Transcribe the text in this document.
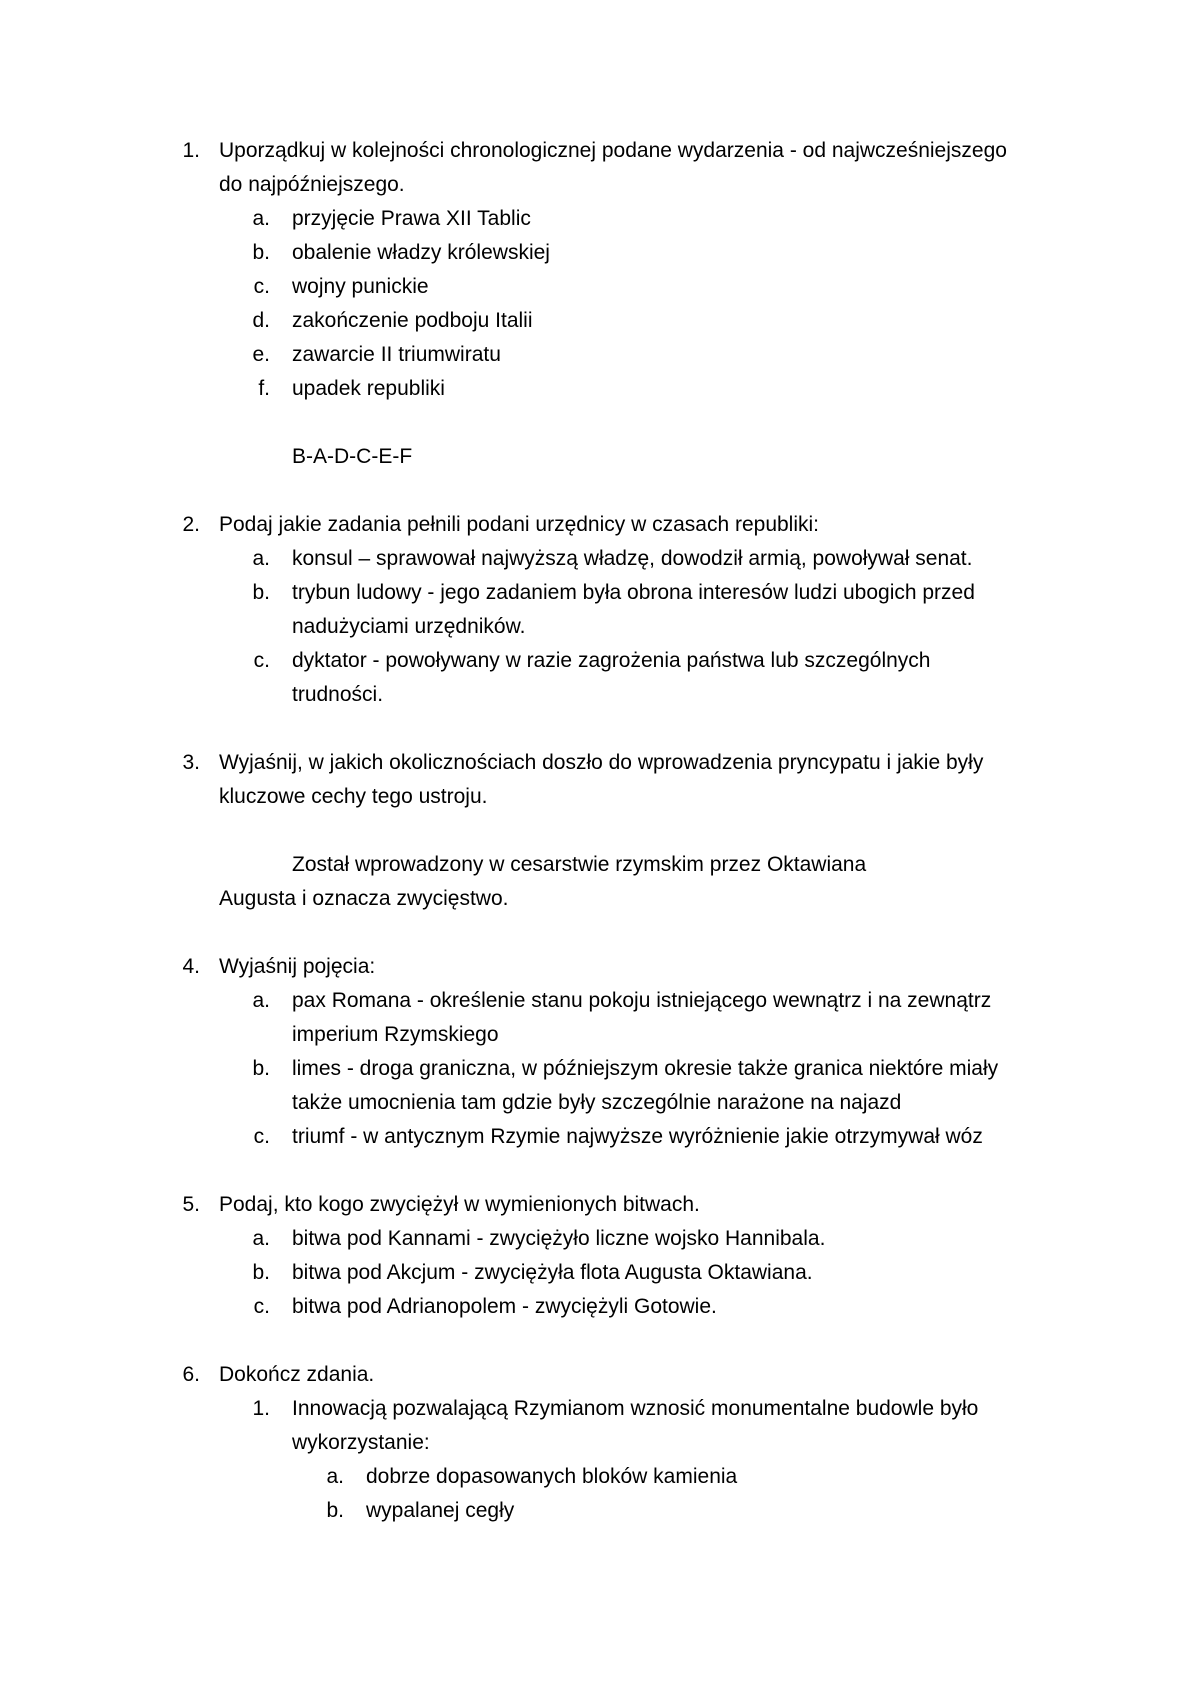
1. Uporządkuj w kolejności chronologicznej podane wydarzenia - od najwcześniejszego
do najpóźniejszego.
a. przyjęcie Prawa XII Tablic
b. obalenie władzy królewskiej
c. wojny punickie
d. zakończenie podboju Italii
e. zawarcie II triumwiratu
f. upadek republiki
B-A-D-C-E-F
2. Podaj jakie zadania pełnili podani urzędnicy w czasach republiki:
a. konsul – sprawował najwyższą władzę, dowodził armią, powoływał senat.
b. trybun ludowy - jego zadaniem była obrona interesów ludzi ubogich przed
nadużyciami urzędników.
c. dyktator - powoływany w razie zagrożenia państwa lub szczególnych
trudności.
3. Wyjaśnij, w jakich okolicznościach doszło do wprowadzenia pryncypatu i jakie były
kluczowe cechy tego ustroju.
Został wprowadzony w cesarstwie rzymskim przez Oktawiana
Augusta i oznacza zwycięstwo.
4. Wyjaśnij pojęcia:
a. pax Romana - określenie stanu pokoju istniejącego wewnątrz i na zewnątrz
imperium Rzymskiego
b. limes - droga graniczna, w późniejszym okresie także granica niektóre miały
także umocnienia tam gdzie były szczególnie narażone na najazd
c. triumf - w antycznym Rzymie najwyższe wyróżnienie jakie otrzymywał wóz
5. Podaj, kto kogo zwyciężył w wymienionych bitwach.
a. bitwa pod Kannami - zwyciężyło liczne wojsko Hannibala.
b. bitwa pod Akcjum - zwyciężyła flota Augusta Oktawiana.
c. bitwa pod Adrianopolem - zwyciężyli Gotowie.
6. Dokończ zdania.
1. Innowacją pozwalającą Rzymianom wznosić monumentalne budowle było
wykorzystanie:
a. dobrze dopasowanych bloków kamienia
b. wypalanej cegły
